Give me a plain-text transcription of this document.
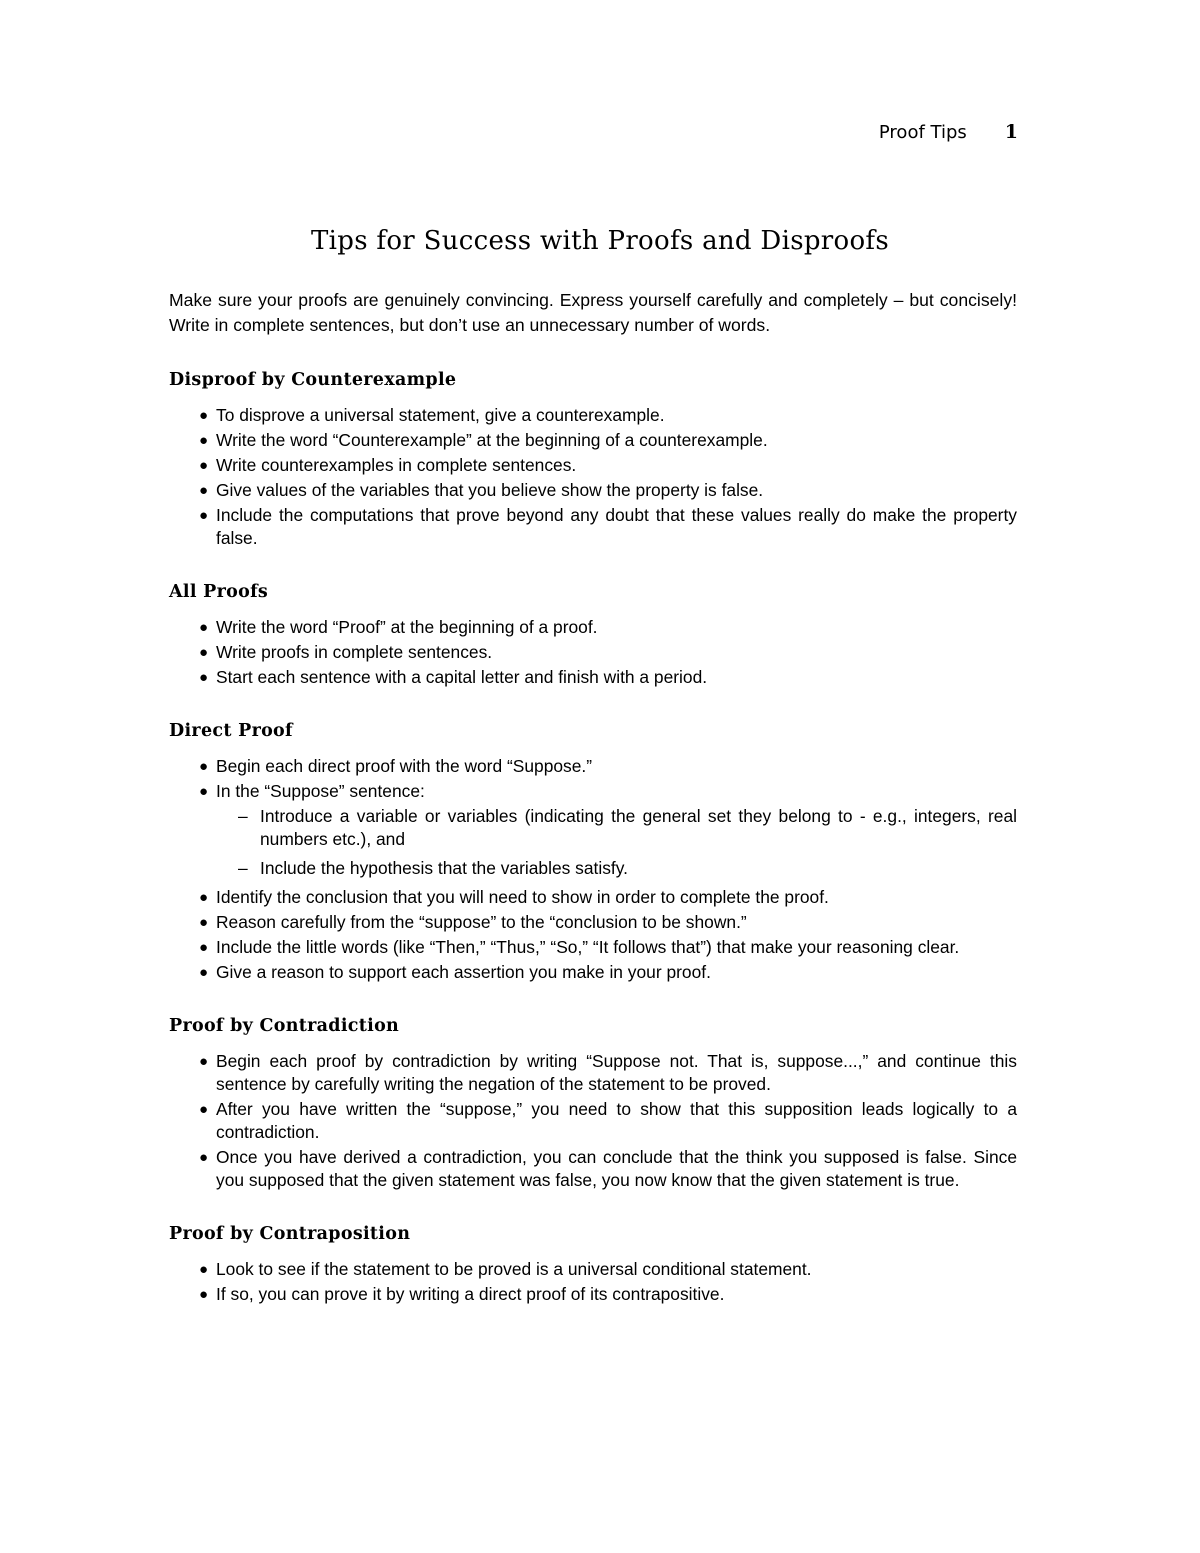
Proof Tips 1
Tips for Success with Proofs and Disproofs

Make sure your proofs are genuinely convincing. Express yourself carefully and completely – but concisely! Write in complete sentences, but don’t use an unnecessary number of words.

Disproof by Counterexample
● To disprove a universal statement, give a counterexample.
● Write the word “Counterexample” at the beginning of a counterexample.
● Write counterexamples in complete sentences.
● Give values of the variables that you believe show the property is false.
● Include the computations that prove beyond any doubt that these values really do make the property false.
All Proofs
● Write the word “Proof” at the beginning of a proof.
● Write proofs in complete sentences.
● Start each sentence with a capital letter and finish with a period.
Direct Proof
● Begin each direct proof with the word “Suppose.”
● In the “Suppose” sentence:
– Introduce a variable or variables (indicating the general set they belong to - e.g., integers, real numbers etc.), and
– Include the hypothesis that the variables satisfy.
● Identify the conclusion that you will need to show in order to complete the proof.
● Reason carefully from the “suppose” to the “conclusion to be shown.”
● Include the little words (like “Then,” “Thus,” “So,” “It follows that”) that make your reasoning clear.
● Give a reason to support each assertion you make in your proof.
Proof by Contradiction
● Begin each proof by contradiction by writing “Suppose not. That is, suppose...,” and continue this sentence by carefully writing the negation of the statement to be proved.
● After you have written the “suppose,” you need to show that this supposition leads logically to a contradiction.
● Once you have derived a contradiction, you can conclude that the think you supposed is false. Since you supposed that the given statement was false, you now know that the given statement is true.
Proof by Contraposition
● Look to see if the statement to be proved is a universal conditional statement.
● If so, you can prove it by writing a direct proof of its contrapositive.
